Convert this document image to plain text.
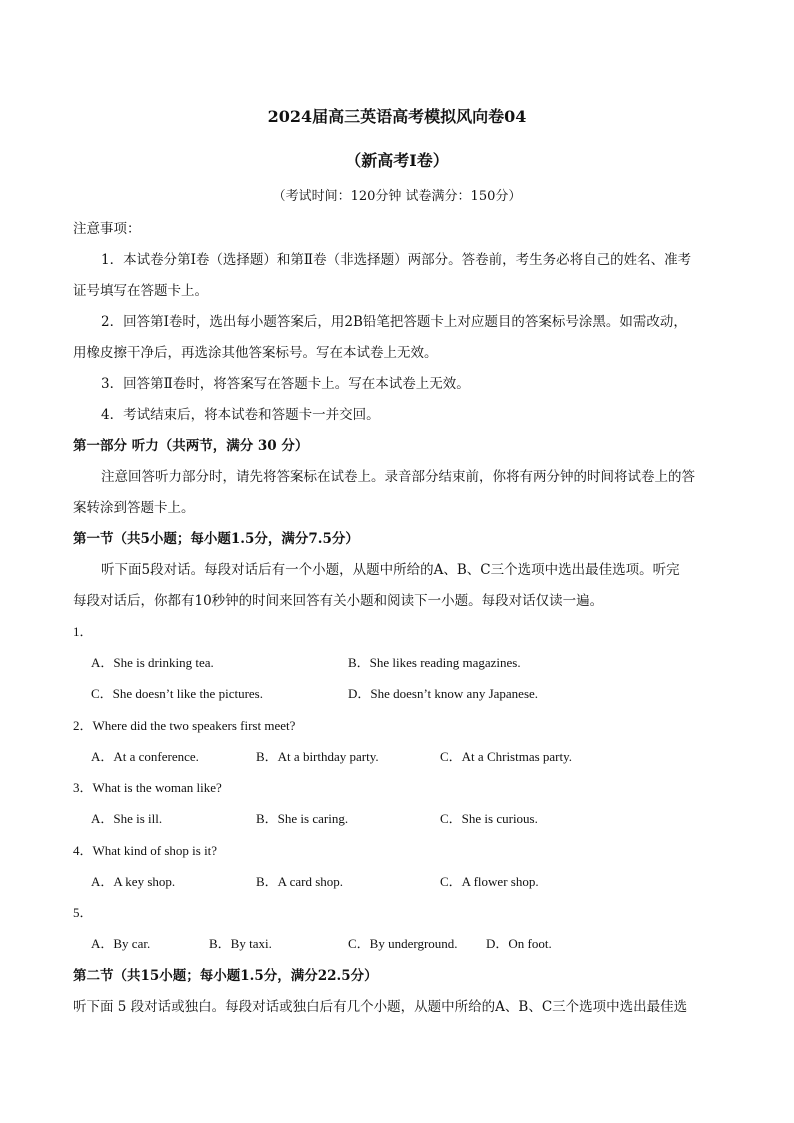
2024届高三英语高考模拟风向卷04
（新高考I卷）
（考试时间：120分钟 试卷满分：150分）
注意事项：
1．本试卷分第Ⅰ卷（选择题）和第Ⅱ卷（非选择题）两部分。答卷前，考生务必将自己的姓名、准考
证号填写在答题卡上。
2．回答第Ⅰ卷时，选出每小题答案后，用2B铅笔把答题卡上对应题目的答案标号涂黑。如需改动，
用橡皮擦干净后，再选涂其他答案标号。写在本试卷上无效。
3．回答第Ⅱ卷时，将答案写在答题卡上。写在本试卷上无效。
4．考试结束后，将本试卷和答题卡一并交回。
第一部分 听力（共两节，满分 30 分）
注意回答听力部分时，请先将答案标在试卷上。录音部分结束前，你将有两分钟的时间将试卷上的答
案转涂到答题卡上。
第一节（共5小题；每小题1.5分，满分7.5分）
听下面5段对话。每段对话后有一个小题，从题中所给的A、B、C三个选项中选出最佳选项。听完
每段对话后，你都有10秒钟的时间来回答有关小题和阅读下一小题。每段对话仅读一遍。
1．
A．She is drinking tea.	B．She likes reading magazines.
C．She doesn’t like the pictures.	D．She doesn’t know any Japanese.
2．Where did the two speakers first meet?
A．At a conference.	B．At a birthday party.	C．At a Christmas party.
3．What is the woman like?
A．She is ill.	B．She is caring.	C．She is curious.
4．What kind of shop is it?
A．A key shop.	B．A card shop.	C．A flower shop.
5．
A．By car.	B．By taxi.	C．By underground. D．On foot.
第二节（共15小题；每小题1.5分，满分22.5分）
听下面 5 段对话或独白。每段对话或独白后有几个小题，从题中所给的A、B、C三个选项中选出最佳选
